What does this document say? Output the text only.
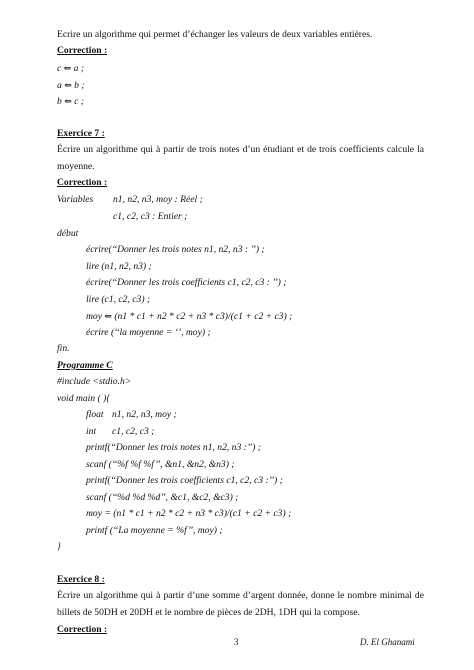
Ecrire un algorithme qui permet d’échanger les valeurs de deux variables entières.
Correction :
c ⇐ a ;
a ⇐ b ;
b ⇐ c ;
Exercice 7 :
Écrire un algorithme qui à partir de trois notes d’un étudiant et de trois coefficients calcule la moyenne.
Correction :
Variables n1, n2, n3, moy : Réel ;
c1, c2, c3 : Entier ;
début
écrire(‘‘Donner les trois notes n1, n2, n3 : ’’) ;
lire (n1, n2, n3) ;
écrire(‘‘Donner les trois coefficients c1, c2, c3 : ’’) ;
lire (c1, c2, c3) ;
moy ⇐ (n1 * c1 + n2 * c2 + n3 * c3)/(c1 + c2 + c3) ;
écrire (‘‘la moyenne = ‘’, moy) ;
fin.
Programme C
#include <stdio.h>
void main ( ){
float n1, n2, n3, moy ;
int c1, c2, c3 ;
printf(‘‘Donner les trois notes n1, n2, n3 :’’) ;
scanf (‘‘%f %f %f’’, &n1, &n2, &n3) ;
printf(‘‘Donner les trois coefficients c1, c2, c3 :’’) ;
scanf (‘‘%d %d %d’’, &c1, &c2, &c3) ;
moy = (n1 * c1 + n2 * c2 + n3 * c3)/(c1 + c2 + c3) ;
printf (‘‘La moyenne = %f’’, moy) ;
}
Exercice 8 :
Écrire un algorithme qui à partir d’une somme d’argent donnée, donne le nombre minimal de billets de 50DH et 20DH et le nombre de pièces de 2DH, 1DH qui la compose.
Correction :
3	D. El Ghanami
